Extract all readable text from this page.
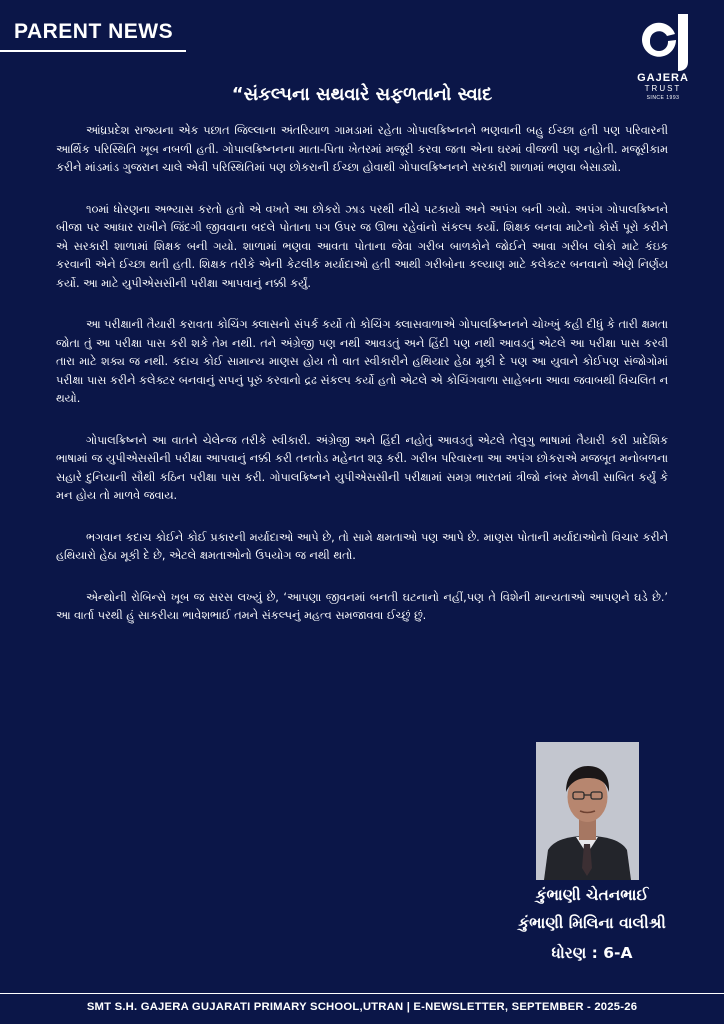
PARENT NEWS
GAJERA
TRUST
SINCE 1993
“સંકલ્પના સથવારે સફળતાનો સ્વાદ

આંધ્રપ્રદેશ રાજ્યના એક પછાત જિલ્લાના અંતરિયાળ ગામડામાં રહેતા ગોપાલક્રિષ્નનને ભણવાની બહુ ઈચ્છા હતી પણ પરિવારની આર્થિક પરિસ્થિતિ ખૂબ નબળી હતી. ગોપાલક્રિષ્નનના માતા-પિતા ખેતરમાં મજૂરી કરવા જતા એના ઘરમાં વીજળી પણ નહોતી. મજૂરીકામ કરીને માંડમાંડ ગુજરાન ચાલે એવી પરિસ્થિતિમાં પણ છોકરાની ઈચ્છા હોવાથી ગોપાલક્રિષ્નનને સરકારી શાળામાં ભણવા બેસાડ્યો.

૧૦માં ધોરણના અભ્યાસ કરતો હતો એ વખતે આ છોકરો ઝાડ પરથી નીચે પટકાયો અને અપંગ બની ગયો. અપંગ ગોપાલક્રિષ્નને બીજા પર આધાર રાખીને જિંદગી જીવવાના બદલે પોતાના પગ ઉપર જ ઊભા રહેવાંનો સંકલ્પ કર્યો. શિક્ષક બનવા માટેનો કોર્સ પૂરો કરીને એ સરકારી શાળામાં શિક્ષક બની ગયો. શાળામાં ભણવા આવતા પોતાના જેવા ગરીબ બાળકોને જોઈને આવા ગરીબ લોકો માટે કંઇક કરવાની એને ઈચ્છા થતી હતી. શિક્ષક તરીકે એની કેટલીક મર્યાદાઓ હતી આથી ગરીબોના કલ્યાણ માટે કલેક્ટર બનવાનો એણે નિર્ણય કર્યો. આ માટે યુપીએસસીની પરીક્ષા આપવાનું નક્કી કર્યું.

આ પરીક્ષાની તૈયારી કરાવતા કોચિંગ ક્લાસનો સંપર્ક કર્યો તો કોચિંગ ક્લાસવાળાએ ગોપાલક્રિષ્નનને ચોખ્ખું કહી દીધું કે તારી ક્ષમતા જોતા તું આ પરીક્ષા પાસ કરી શકે તેમ નથી. તને અંગ્રેજી પણ નથી આવડતું અને હિંદી પણ નથી આવડતું એટલે આ પરીક્ષા પાસ કરવી તારા માટે શક્ય જ નથી. કદાચ કોઈ સામાન્ય માણસ હોય તો વાત સ્વીકારીને હથિયાર હેઠા મૂકી દે પણ આ યુવાને કોઈપણ સંજોગોમાં પરીક્ષા પાસ કરીને કલેક્ટર બનવાનું સપનું પૂરું કરવાનો દ્રઢ સંકલ્પ કર્યો હતો એટલે એ કોચિંગવાળા સાહેબના આવા જવાબથી વિચલિત ન થયો.

ગોપાલક્રિષ્નને આ વાતને ચેલેન્જ તરીકે સ્વીકારી. અંગ્રેજી અને હિંદી નહોતું આવડતું એટલે તેલુગુ ભાષામાં તૈયારી કરી પ્રાદેશિક ભાષામાં જ યુપીએસસીની પરીક્ષા આપવાનું નક્કી કરી તનતોડ મહેનત શરૂ કરી. ગરીબ પરિવારના આ અપંગ છોકરાએ મજબૂત મનોબળના સહારે દુનિયાની સૌથી કઠિન પરીક્ષા પાસ કરી. ગોપાલક્રિષ્નને યુપીએસસીની પરીક્ષામાં સમગ્ર ભારતમાં ત્રીજો નંબર મેળવી સાબિત કર્યું કે મન હોય તો માળવે જવાય.

ભગવાન કદાચ કોઈને કોઈ પ્રકારની મર્યાદાઓ આપે છે, તો સામે ક્ષમતાઓ પણ આપે છે. માણસ પોતાની મર્યાદાઓનો વિચાર કરીને હથિયારો હેઠા મૂકી દે છે, એટલે ક્ષમતાઓનો ઉપયોગ જ નથી થતો.

એન્થોની રોબિન્સે ખૂબ જ સરસ લખ્યું છે, ‘આપણા જીવનમાં બનતી ઘટનાનો નહીં,પણ તે વિશેની માન્યતાઓ આપણને ઘડે છે.’ આ વાર્તા પરથી હું સાકરીયા ભાવેશભાઈ તમને સંકલ્પનું મહત્વ સમજાવવા ઈચ્છું છું.

કુંભાણી ચેતનભાઈ
કુંભાણી મિલિના વાલીશ્રી
ધોરણ : 6-A
SMT S.H. GAJERA GUJARATI PRIMARY SCHOOL,UTRAN | E-NEWSLETTER, SEPTEMBER - 2025-26
